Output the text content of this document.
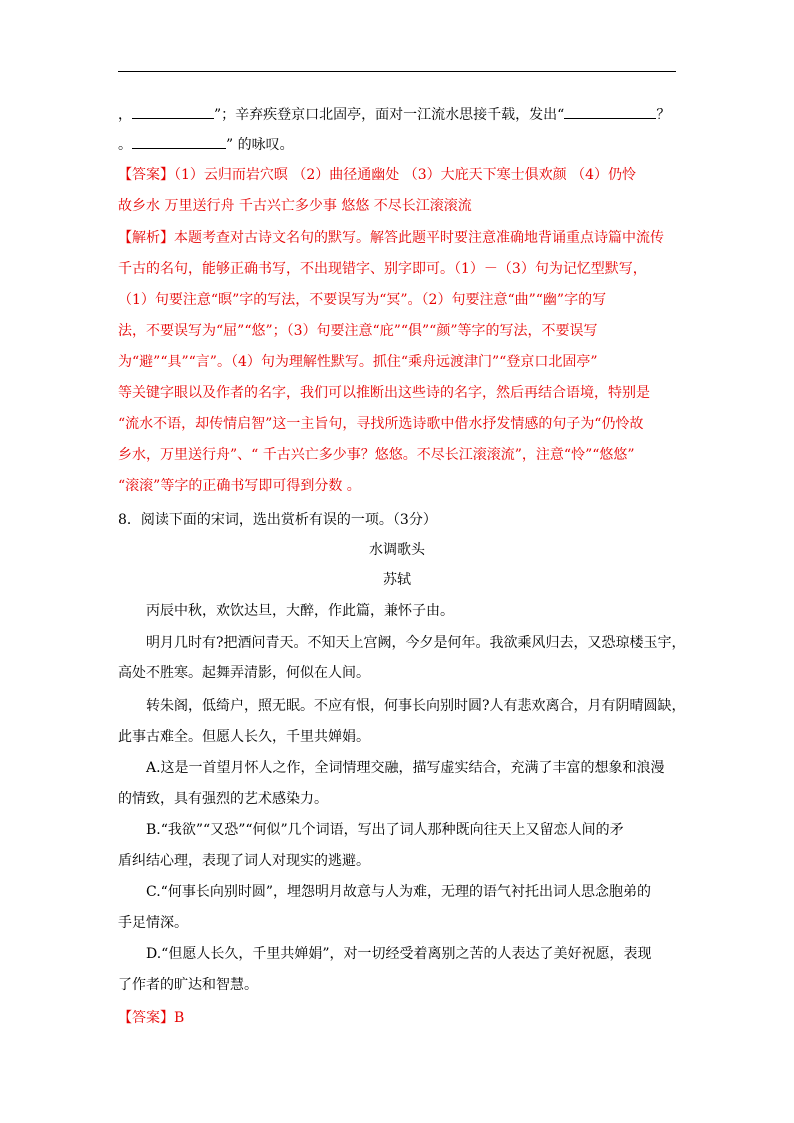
，	”；辛弃疾登京口北固亭，面对一江流水思接千载，发出“	？
。	” 的咏叹。
【答案】（1）云归而岩穴暝 （2）曲径通幽处 （3）大庇天下寒士俱欢颜 （4）仍怜
故乡水 万里送行舟 千古兴亡多少事 悠悠 不尽长江滚滚流
【解析】本题考查对古诗文名句的默写。解答此题平时要注意准确地背诵重点诗篇中流传
千古的名句，能够正确书写，不出现错字、别字即可。（1）－（3）句为记忆型默写，
（1）句要注意“暝”字的写法，不要误写为“冥”。（2）句要注意“曲”“幽”字的写
法，不要误写为“屈”“悠”；（3）句要注意“庇”“俱”“颜”等字的写法，不要误写
为“避”“具”“言”。（4）句为理解性默写。抓住“乘舟远渡津门”“登京口北固亭”
等关键字眼以及作者的名字，我们可以推断出这些诗的名字，然后再结合语境，特别是
“流水不语，却传情启智”这一主旨句，寻找所选诗歌中借水抒发情感的句子为“仍怜故
乡水，万里送行舟”、“ 千古兴亡多少事？悠悠。不尽长江滚滚流”，注意“怜”“悠悠”
“滚滚”等字的正确书写即可得到分数 。
8．阅读下面的宋词，选出赏析有误的一项。（3分）
水调歌头
苏轼
丙辰中秋，欢饮达旦，大醉，作此篇，兼怀子由。
明月几时有?把酒问青天。不知天上宫阙，今夕是何年。我欲乘风归去，又恐琼楼玉宇，
高处不胜寒。起舞弄清影，何似在人间。
转朱阁，低绮户，照无眠。不应有恨，何事长向别时圆?人有悲欢离合，月有阴晴圆缺，
此事古难全。但愿人长久，千里共婵娟。
A.这是一首望月怀人之作，全词情理交融，描写虚实结合，充满了丰富的想象和浪漫
的情致，具有强烈的艺术感染力。
B.“我欲”“又恐”“何似”几个词语，写出了词人那种既向往天上又留恋人间的矛
盾纠结心理，表现了词人对现实的逃避。
C.“何事长向别时圆”，埋怨明月故意与人为难，无理的语气衬托出词人思念胞弟的
手足情深。
D.“但愿人长久，千里共婵娟”，对一切经受着离别之苦的人表达了美好祝愿，表现
了作者的旷达和智慧。
【答案】B
